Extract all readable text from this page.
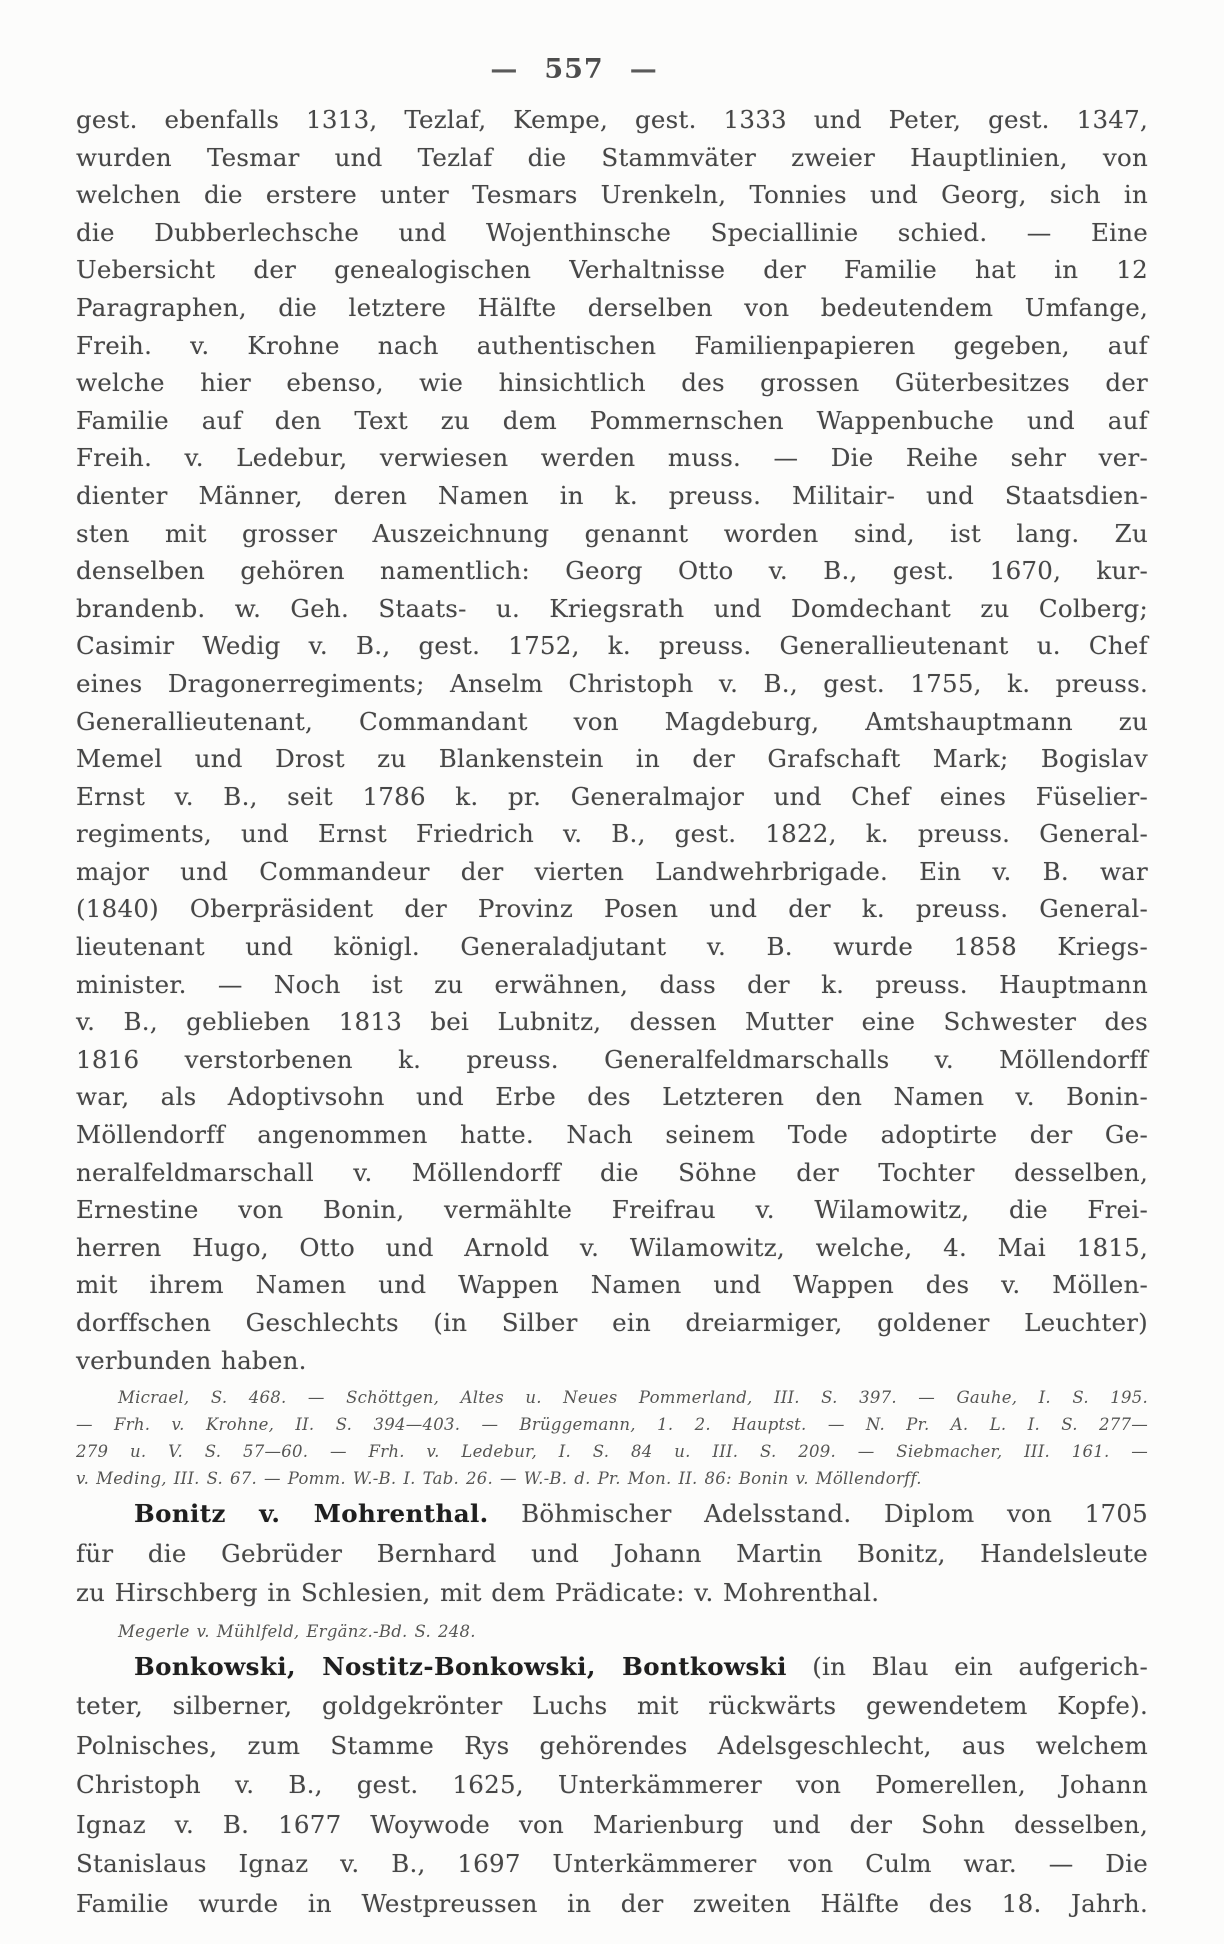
— 557 —
gest. ebenfalls 1313, Tezlaf, Kempe, gest. 1333 und Peter, gest. 1347,
wurden Tesmar und Tezlaf die Stammväter zweier Hauptlinien, von
welchen die erstere unter Tesmars Urenkeln, Tonnies und Georg, sich in
die Dubberlechsche und Wojenthinsche Speciallinie schied. — Eine
Uebersicht der genealogischen Verhaltnisse der Familie hat in 12
Paragraphen, die letztere Hälfte derselben von bedeutendem Umfange,
Freih. v. Krohne nach authentischen Familienpapieren gegeben, auf
welche hier ebenso, wie hinsichtlich des grossen Güterbesitzes der
Familie auf den Text zu dem Pommernschen Wappenbuche und auf
Freih. v. Ledebur, verwiesen werden muss. — Die Reihe sehr ver-
dienter Männer, deren Namen in k. preuss. Militair- und Staatsdien-
sten mit grosser Auszeichnung genannt worden sind, ist lang. Zu
denselben gehören namentlich: Georg Otto v. B., gest. 1670, kur-
brandenb. w. Geh. Staats- u. Kriegsrath und Domdechant zu Colberg;
Casimir Wedig v. B., gest. 1752, k. preuss. Generallieutenant u. Chef
eines Dragonerregiments; Anselm Christoph v. B., gest. 1755, k. preuss.
Generallieutenant, Commandant von Magdeburg, Amtshauptmann zu
Memel und Drost zu Blankenstein in der Grafschaft Mark; Bogislav
Ernst v. B., seit 1786 k. pr. Generalmajor und Chef eines Füselier-
regiments, und Ernst Friedrich v. B., gest. 1822, k. preuss. General-
major und Commandeur der vierten Landwehrbrigade. Ein v. B. war
(1840) Oberpräsident der Provinz Posen und der k. preuss. General-
lieutenant und königl. Generaladjutant v. B. wurde 1858 Kriegs-
minister. — Noch ist zu erwähnen, dass der k. preuss. Hauptmann
v. B., geblieben 1813 bei Lubnitz, dessen Mutter eine Schwester des
1816 verstorbenen k. preuss. Generalfeldmarschalls v. Möllendorff
war, als Adoptivsohn und Erbe des Letzteren den Namen v. Bonin-
Möllendorff angenommen hatte. Nach seinem Tode adoptirte der Ge-
neralfeldmarschall v. Möllendorff die Söhne der Tochter desselben,
Ernestine von Bonin, vermählte Freifrau v. Wilamowitz, die Frei-
herren Hugo, Otto und Arnold v. Wilamowitz, welche, 4. Mai 1815,
mit ihrem Namen und Wappen Namen und Wappen des v. Möllen-
dorffschen Geschlechts (in Silber ein dreiarmiger, goldener Leuchter)
verbunden haben.
Micrael, S. 468. — Schöttgen, Altes u. Neues Pommerland, III. S. 397. — Gauhe, I. S. 195.
— Frh. v. Krohne, II. S. 394—403. — Brüggemann, 1. 2. Hauptst. — N. Pr. A. L. I. S. 277—
279 u. V. S. 57—60. — Frh. v. Ledebur, I. S. 84 u. III. S. 209. — Siebmacher, III. 161. —
v. Meding, III. S. 67. — Pomm. W.-B. I. Tab. 26. — W.-B. d. Pr. Mon. II. 86: Bonin v. Möllendorff.
Bonitz v. Mohrenthal. Böhmischer Adelsstand. Diplom von 1705
für die Gebrüder Bernhard und Johann Martin Bonitz, Handelsleute
zu Hirschberg in Schlesien, mit dem Prädicate: v. Mohrenthal.
Megerle v. Mühlfeld, Ergänz.-Bd. S. 248.
Bonkowski, Nostitz-Bonkowski, Bontkowski (in Blau ein aufgerich-
teter, silberner, goldgekrönter Luchs mit rückwärts gewendetem Kopfe).
Polnisches, zum Stamme Rys gehörendes Adelsgeschlecht, aus welchem
Christoph v. B., gest. 1625, Unterkämmerer von Pomerellen, Johann
Ignaz v. B. 1677 Woywode von Marienburg und der Sohn desselben,
Stanislaus Ignaz v. B., 1697 Unterkämmerer von Culm war. — Die
Familie wurde in Westpreussen in der zweiten Hälfte des 18. Jahrh.
